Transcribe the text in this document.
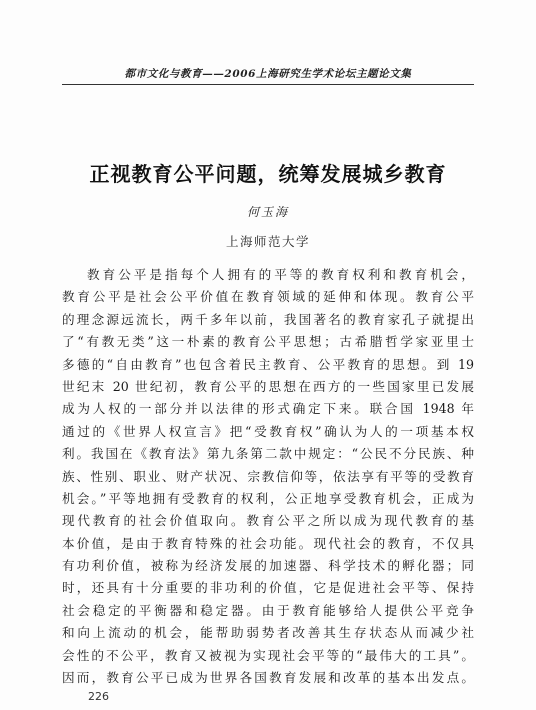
都市文化与教育——2006上海研究生学术论坛主题论文集
正视教育公平问题，统筹发展城乡教育
何玉海
上海师范大学
教育公平是指每个人拥有的平等的教育权利和教育机会，
教育公平是社会公平价值在教育领域的延伸和体现。教育公平
的理念源远流长，两千多年以前，我国著名的教育家孔子就提出
了“有教无类”这一朴素的教育公平思想；古希腊哲学家亚里士
多德的“自由教育”也包含着民主教育、公平教育的思想。到 19
世纪末 20 世纪初，教育公平的思想在西方的一些国家里已发展
成为人权的一部分并以法律的形式确定下来。联合国 1948 年
通过的《世界人权宣言》把“受教育权”确认为人的一项基本权
利。我国在《教育法》第九条第二款中规定：“公民不分民族、种
族、性别、职业、财产状况、宗教信仰等，依法享有平等的受教育
机会。”平等地拥有受教育的权利，公正地享受教育机会，正成为
现代教育的社会价值取向。教育公平之所以成为现代教育的基
本价值，是由于教育特殊的社会功能。现代社会的教育，不仅具
有功利价值，被称为经济发展的加速器、科学技术的孵化器；同
时，还具有十分重要的非功利的价值，它是促进社会平等、保持
社会稳定的平衡器和稳定器。由于教育能够给人提供公平竞争
和向上流动的机会，能帮助弱势者改善其生存状态从而减少社
会性的不公平，教育又被视为实现社会平等的“最伟大的工具”。
因而，教育公平已成为世界各国教育发展和改革的基本出发点。
226
